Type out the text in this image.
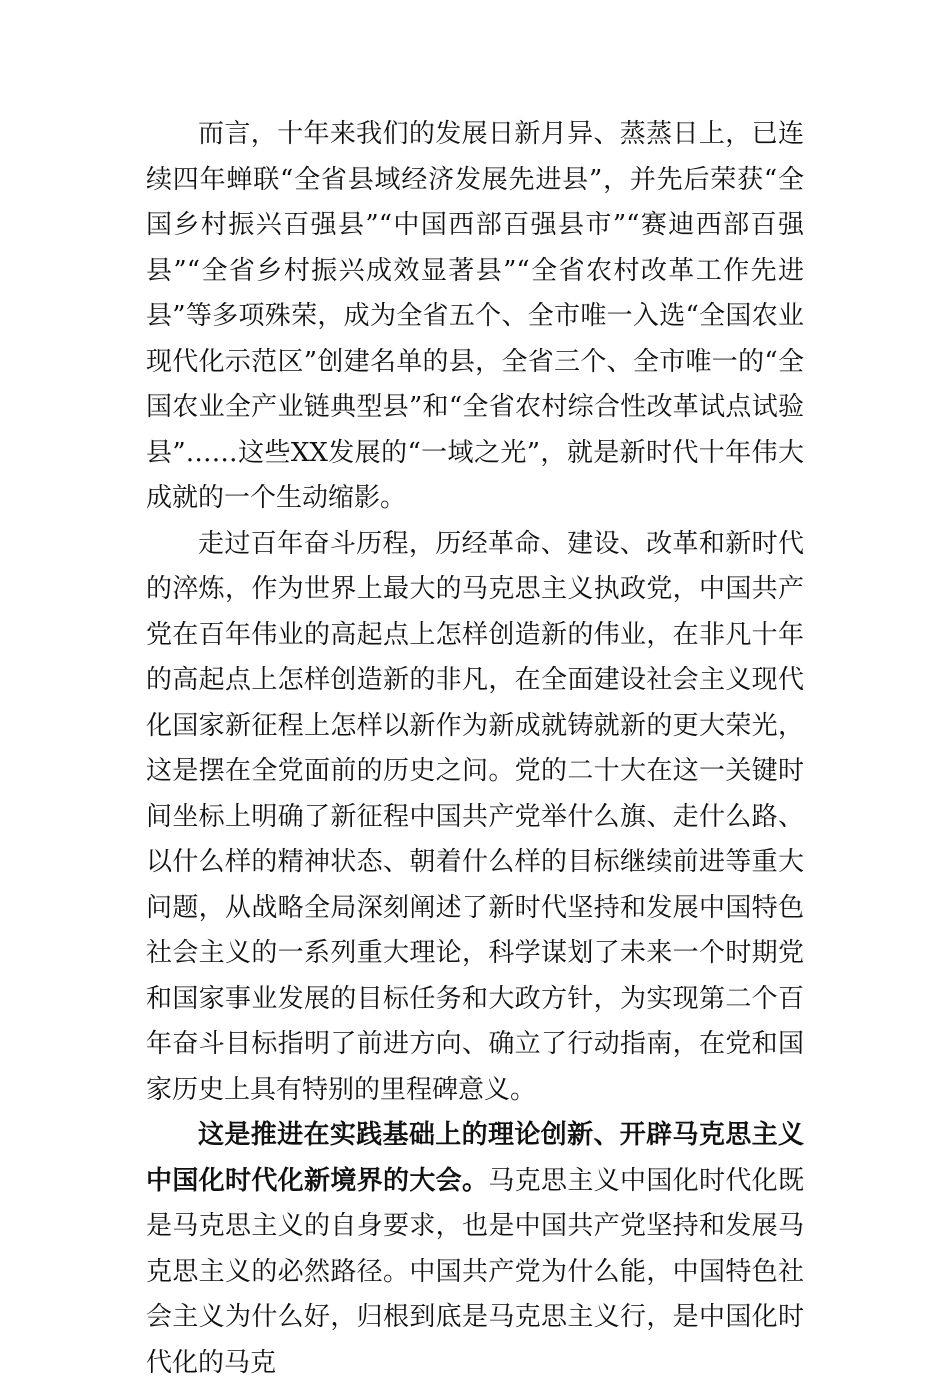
而言，十年来我们的发展日新月异、蒸蒸日上，已连续四年蝉联“全省县域经济发展先进县”，并先后荣获“全国乡村振兴百强县”“中国西部百强县市”“赛迪西部百强县”“全省乡村振兴成效显著县”“全省农村改革工作先进县”等多项殊荣，成为全省五个、全市唯一入选“全国农业现代化示范区”创建名单的县，全省三个、全市唯一的“全国农业全产业链典型县”和“全省农村综合性改革试点试验县”……这些XX发展的“一域之光”，就是新时代十年伟大成就的一个生动缩影。

走过百年奋斗历程，历经革命、建设、改革和新时代的淬炼，作为世界上最大的马克思主义执政党，中国共产党在百年伟业的高起点上怎样创造新的伟业，在非凡十年的高起点上怎样创造新的非凡，在全面建设社会主义现代化国家新征程上怎样以新作为新成就铸就新的更大荣光，这是摆在全党面前的历史之问。党的二十大在这一关键时间坐标上明确了新征程中国共产党举什么旗、走什么路、以什么样的精神状态、朝着什么样的目标继续前进等重大问题，从战略全局深刻阐述了新时代坚持和发展中国特色社会主义的一系列重大理论，科学谋划了未来一个时期党和国家事业发展的目标任务和大政方针，为实现第二个百年奋斗目标指明了前进方向、确立了行动指南，在党和国家历史上具有特别的里程碑意义。

这是推进在实践基础上的理论创新、开辟马克思主义中国化时代化新境界的大会。马克思主义中国化时代化既是马克思主义的自身要求，也是中国共产党坚持和发展马克思主义的必然路径。中国共产党为什么能，中国特色社会主义为什么好，归根到底是马克思主义行，是中国化时代化的马克
